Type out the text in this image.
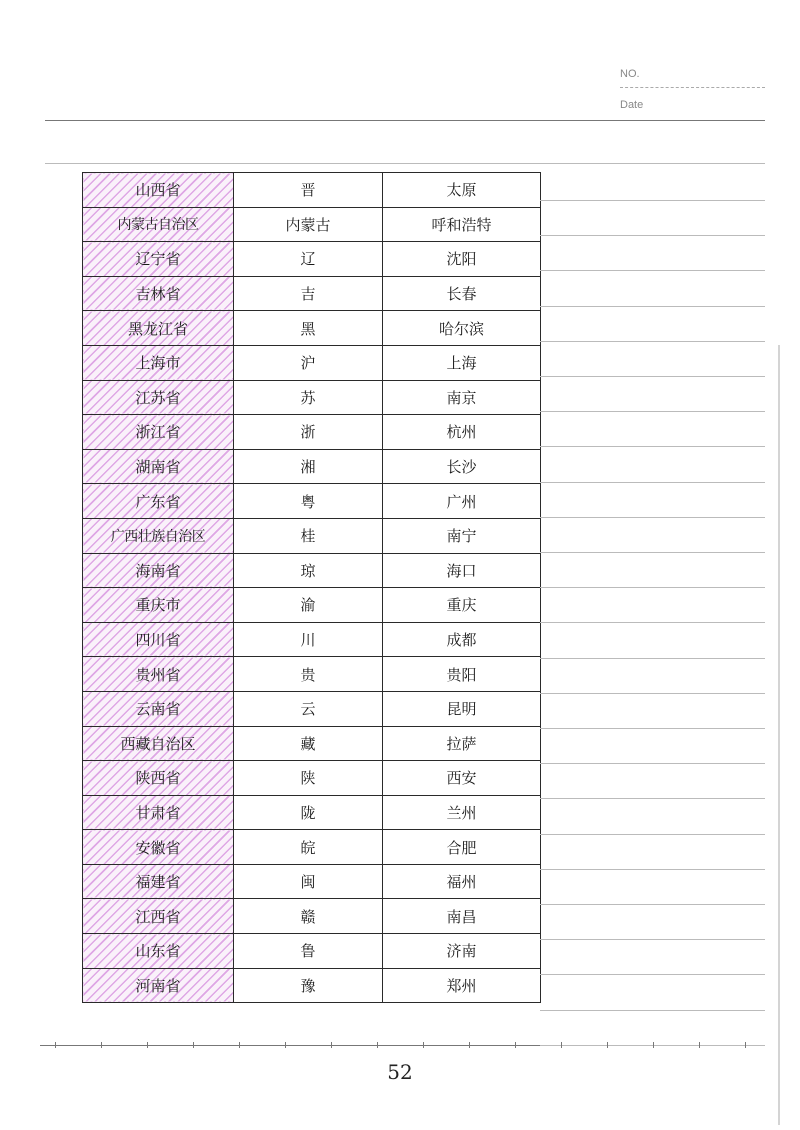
NO.
Date
山西省	晋	太原
内蒙古自治区	内蒙古	呼和浩特
辽宁省	辽	沈阳
吉林省	吉	长春
黑龙江省	黑	哈尔滨
上海市	沪	上海
江苏省	苏	南京
浙江省	浙	杭州
湖南省	湘	长沙
广东省	粤	广州
广西壮族自治区	桂	南宁
海南省	琼	海口
重庆市	渝	重庆
四川省	川	成都
贵州省	贵	贵阳
云南省	云	昆明
西藏自治区	藏	拉萨
陕西省	陕	西安
甘肃省	陇	兰州
安徽省	皖	合肥
福建省	闽	福州
江西省	赣	南昌
山东省	鲁	济南
河南省	豫	郑州
52
